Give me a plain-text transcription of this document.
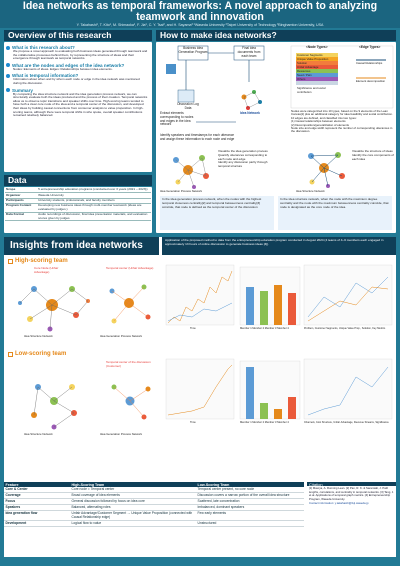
Idea networks as temporal frameworks: A novel approach to analyzing teamwork and innovation
Y. Takahashi¹, T. Kito¹, M. Shimaoka¹, F. Jia¹, C. Y. Tsai², and H. Sayama³ ¹Waseda University ²Taipei University of Technology ³Binghamton University, USA
Overview of this research
What is this research about?
We propose a novel approach to evaluating both business ideas generated through teamwork and the collaborative processes behind them, by representing the structure of ideas and their emergence through teamwork as temporal networks.
What are the nodes and edges of the idea network?
Nodes: Elements of ideas. Edges: Relationships between idea elements.
What is temporal information?
Information about when and by whom each node or edge in the idea network was mentioned during the discussion.
Summary
By comparing the idea structure network and the idea generation process network, we can structurally evaluate both the ideas produced and the process of their creation. Temporal networks allow us to observe topic transitions and speaker shifts over time. High-scoring teams tended to have both a clear core node of the idea and a temporal center of the discussion, and developed their ideas by building causal connections from consumer analysis to value proposition. In high-scoring teams, although there were temporal shifts in who spoke, overall speaker contributions remained relatively balanced.
Data
Scope	5 entrepreneurship education programs (conducted over 3 years (2021 – 2023))
Organizer	Waseda University
Participants	University students, professionals, and faculty members
Program Content	Developing new business ideas through multi-member teamwork (ideas are evaluated by judges.)
Data Format	Audio recordings of discussion, final idea presentation materials, and evaluation scores given by judges
How to make idea networks?
Business idea Generation Program
Final idea documents from each team
Discussion Log Data
Extract elements corresponding to nodes and edges in the idea network
Identify speakers and timestamps for each utterance and assign these information to each node and edge
Idea Network
<Node Types>	<Edge Types>
Customer Segments
Unique Value Proposition
Solution
Unfair Advantage
Resources
Need / Pain
Others
Causal Relationships
Element decomposition
Significance and social contribution
Nodes were categorized into 10 types, based on the 9 elements of the Lean Canvas[1] plus an additional category for idea feasibility and social contribution.
10 edges are defined, and classified into two types:
(1) Causal relationships between elements
(2) Decomposition/generalization of elements
Node size and edge width represent the number of corresponding utterances in the discussion.
Idea Generation Process Network	Idea Structure Network
Visualize the idea generation process
Quantify utterances corresponding to each node and edge
Identify any discussion partly through temporal structure
Visualize the structure of ideas
Identify the core components of each idea
In the idea generation process network, when the nodes with the highest temporal closeness centrality[2] and temporal betweenness centrality[3] coincide, that node is defined as the temporal center of the discussion
In the idea structure network, when the node with the maximum degree centrality and the node with the maximum betweenness centrality coincide, that node is designated as the core node of the idea.
Insights from idea networks	Application of the proposed method to data from the entrepreneurship education program conducted in August 2024 (4 teams of 4–6 members each engaged in approximately 13 hours of online discussion to generate business ideas [4]).
High-scoring team
Low-scoring team
Core Node (Unfair Advantage)
Temporal center (Unfair Advantage)
Temporal center of the discussion (Customer)
Idea Structure Network	Idea Generation Process Network
Member 1 Member 2 Member 3 Member 4
Time
Idea Structure Network	Idea Generation Process Network
Member 1 Member 2 Member 3 Member 4
Time
Problem, Customer Segments, Unique Value Prop., Solution, Key Metrics
Channels, Cost Structure, Unfair Advantage, Revenue Streams, Significance
Feature	High-Scoring Team	Low-Scoring Team
Core & Center	Core node = Temporal center	Temporal center present, no core node
Coverage	Broad coverage of idea elements	Discussion covers a narrow portion of the overall idea structure
Focus	General discussion followed by focus on idea core	Scattered, late concentration
Speakers	Balanced, alternating roles	Imbalanced, dominant speakers
Idea generation flow	Unfair Advantage/Customer Segment → Unique Value Proposition (connected with Causal Relationship edge)	Few early elements
Development	Logical flow to value	Unstructured
Citation
[1] Maurya, A. Running Lean. [2] Pan, R. K. & Saramäki, J. Path lengths, correlations, and centrality in temporal networks. [3] Tang, J. et al. Applications of temporal graph metrics. [4] Entrepreneurship Program, Waseda University.
Contact information: y.takahashi@fuji.waseda.jp
